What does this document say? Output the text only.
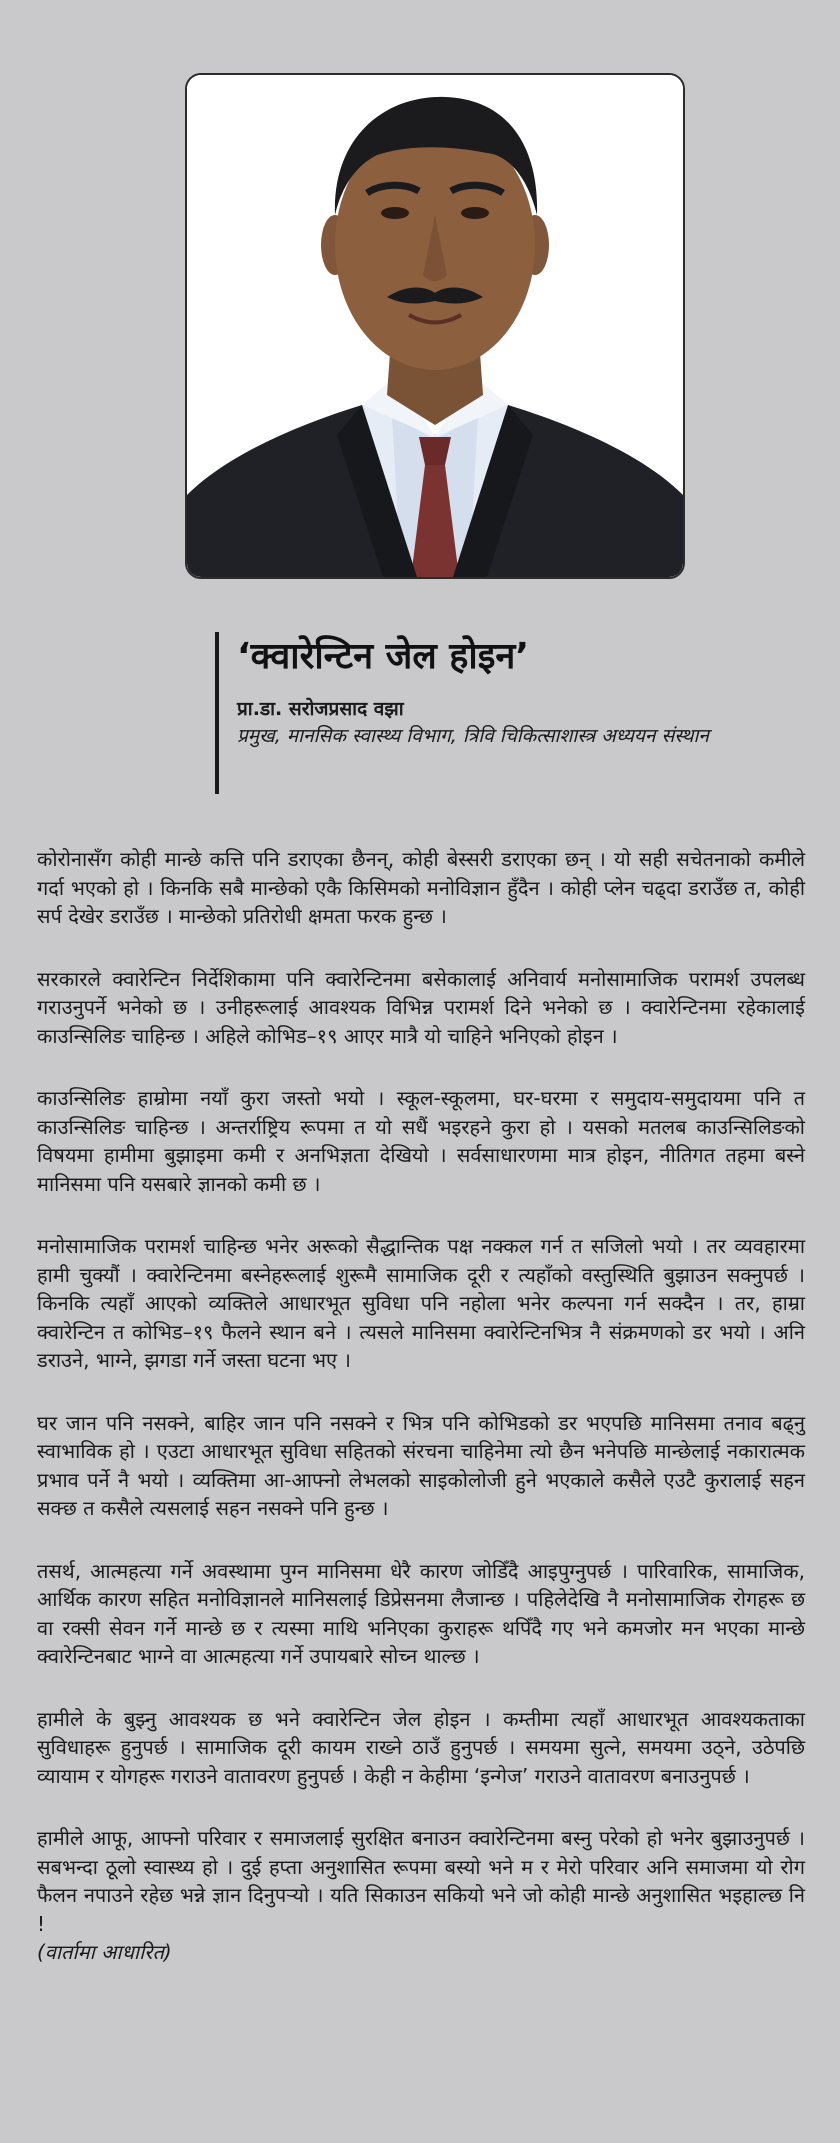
‘क्वारेन्टिन जेल होइन’
प्रा.डा. सरोजप्रसाद वझा
प्रमुख, मानसिक स्वास्थ्य विभाग, त्रिवि चिकित्साशास्त्र अध्ययन संस्थान

कोरोनासँग कोही मान्छे कत्ति पनि डराएका छैनन्, कोही बेस्सरी डराएका छन् । यो सही सचेतनाको कमीले गर्दा भएको हो । किनकि सबै मान्छेको एकै किसिमको मनोविज्ञान हुँदैन । कोही प्लेन चढ्दा डराउँछ त, कोही सर्प देखेर डराउँछ । मान्छेको प्रतिरोधी क्षमता फरक हुन्छ ।

सरकारले क्वारेन्टिन निर्देशिकामा पनि क्वारेन्टिनमा बसेकालाई अनिवार्य मनोसामाजिक परामर्श उपलब्ध गराउनुपर्ने भनेको छ । उनीहरूलाई आवश्यक विभिन्न परामर्श दिने भनेको छ । क्वारेन्टिनमा रहेकालाई काउन्सिलिङ चाहिन्छ । अहिले कोभिड–१९ आएर मात्रै यो चाहिने भनिएको होइन ।

काउन्सिलिङ हाम्रोमा नयाँ कुरा जस्तो भयो । स्कूल-स्कूलमा, घर-घरमा र समुदाय-समुदायमा पनि त काउन्सिलिङ चाहिन्छ । अन्तर्राष्ट्रिय रूपमा त यो सधैं भइरहने कुरा हो । यसको मतलब काउन्सिलिङको विषयमा हामीमा बुझाइमा कमी र अनभिज्ञता देखियो । सर्वसाधारणमा मात्र होइन, नीतिगत तहमा बस्ने मानिसमा पनि यसबारे ज्ञानको कमी छ ।

मनोसामाजिक परामर्श चाहिन्छ भनेर अरूको सैद्धान्तिक पक्ष नक्कल गर्न त सजिलो भयो । तर व्यवहारमा हामी चुक्यौं । क्वारेन्टिनमा बस्नेहरूलाई शुरूमै सामाजिक दूरी र त्यहाँको वस्तुस्थिति बुझाउन सक्नुपर्छ । किनकि त्यहाँ आएको व्यक्तिले आधारभूत सुविधा पनि नहोला भनेर कल्पना गर्न सक्दैन । तर, हाम्रा क्वारेन्टिन त कोभिड–१९ फैलने स्थान बने । त्यसले मानिसमा क्वारेन्टिनभित्र नै संक्रमणको डर भयो । अनि डराउने, भाग्ने, झगडा गर्ने जस्ता घटना भए ।

घर जान पनि नसक्ने, बाहिर जान पनि नसक्ने र भित्र पनि कोभिडको डर भएपछि मानिसमा तनाव बढ्नु स्वाभाविक हो । एउटा आधारभूत सुविधा सहितको संरचना चाहिनेमा त्यो छैन भनेपछि मान्छेलाई नकारात्मक प्रभाव पर्ने नै भयो । व्यक्तिमा आ-आफ्नो लेभलको साइकोलोजी हुने भएकाले कसैले एउटै कुरालाई सहन सक्छ त कसैले त्यसलाई सहन नसक्ने पनि हुन्छ ।

तसर्थ, आत्महत्या गर्ने अवस्थामा पुग्न मानिसमा धेरै कारण जोडिँदै आइपुग्नुपर्छ । पारिवारिक, सामाजिक, आर्थिक कारण सहित मनोविज्ञानले मानिसलाई डिप्रेसनमा लैजान्छ । पहिलेदेखि नै मनोसामाजिक रोगहरू छ वा रक्सी सेवन गर्ने मान्छे छ र त्यस्मा माथि भनिएका कुराहरू थपिँदै गए भने कमजोर मन भएका मान्छे क्वारेन्टिनबाट भाग्ने वा आत्महत्या गर्ने उपायबारे सोच्न थाल्छ ।

हामीले के बुझ्नु आवश्यक छ भने क्वारेन्टिन जेल होइन । कम्तीमा त्यहाँ आधारभूत आवश्यकताका सुविधाहरू हुनुपर्छ । सामाजिक दूरी कायम राख्ने ठाउँ हुनुपर्छ । समयमा सुत्ने, समयमा उठ्ने, उठेपछि व्यायाम र योगहरू गराउने वातावरण हुनुपर्छ । केही न केहीमा ‘इन्गेज’ गराउने वातावरण बनाउनुपर्छ ।

हामीले आफू, आफ्नो परिवार र समाजलाई सुरक्षित बनाउन क्वारेन्टिनमा बस्नु परेको हो भनेर बुझाउनुपर्छ । सबभन्दा ठूलो स्वास्थ्य हो । दुई हप्ता अनुशासित रूपमा बस्यो भने म र मेरो परिवार अनि समाजमा यो रोग फैलन नपाउने रहेछ भन्ने ज्ञान दिनुपर्‍यो । यति सिकाउन सकियो भने जो कोही मान्छे अनुशासित भइहाल्छ नि !

(वार्तामा आधारित)
